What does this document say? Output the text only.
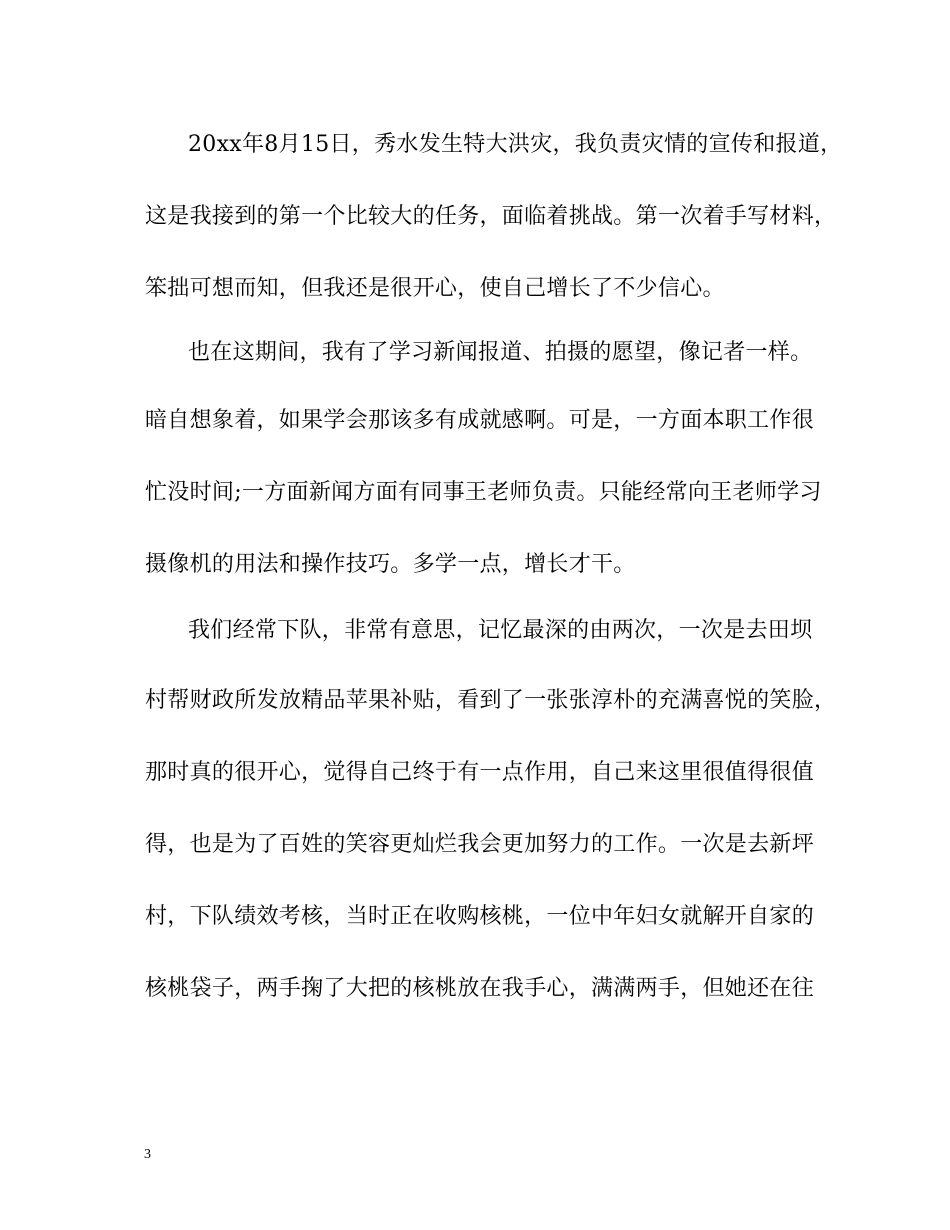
20xx年8月15日，秀水发生特大洪灾，我负责灾情的宣传和报道，
这是我接到的第一个比较大的任务，面临着挑战。第一次着手写材料，
笨拙可想而知，但我还是很开心，使自己增长了不少信心。
也在这期间，我有了学习新闻报道、拍摄的愿望，像记者一样。
暗自想象着，如果学会那该多有成就感啊。可是，一方面本职工作很
忙没时间;一方面新闻方面有同事王老师负责。只能经常向王老师学习
摄像机的用法和操作技巧。多学一点，增长才干。
我们经常下队，非常有意思，记忆最深的由两次，一次是去田坝
村帮财政所发放精品苹果补贴，看到了一张张淳朴的充满喜悦的笑脸，
那时真的很开心，觉得自己终于有一点作用，自己来这里很值得很值
得，也是为了百姓的笑容更灿烂我会更加努力的工作。一次是去新坪
村，下队绩效考核，当时正在收购核桃，一位中年妇女就解开自家的
核桃袋子，两手掬了大把的核桃放在我手心，满满两手，但她还在往
3
